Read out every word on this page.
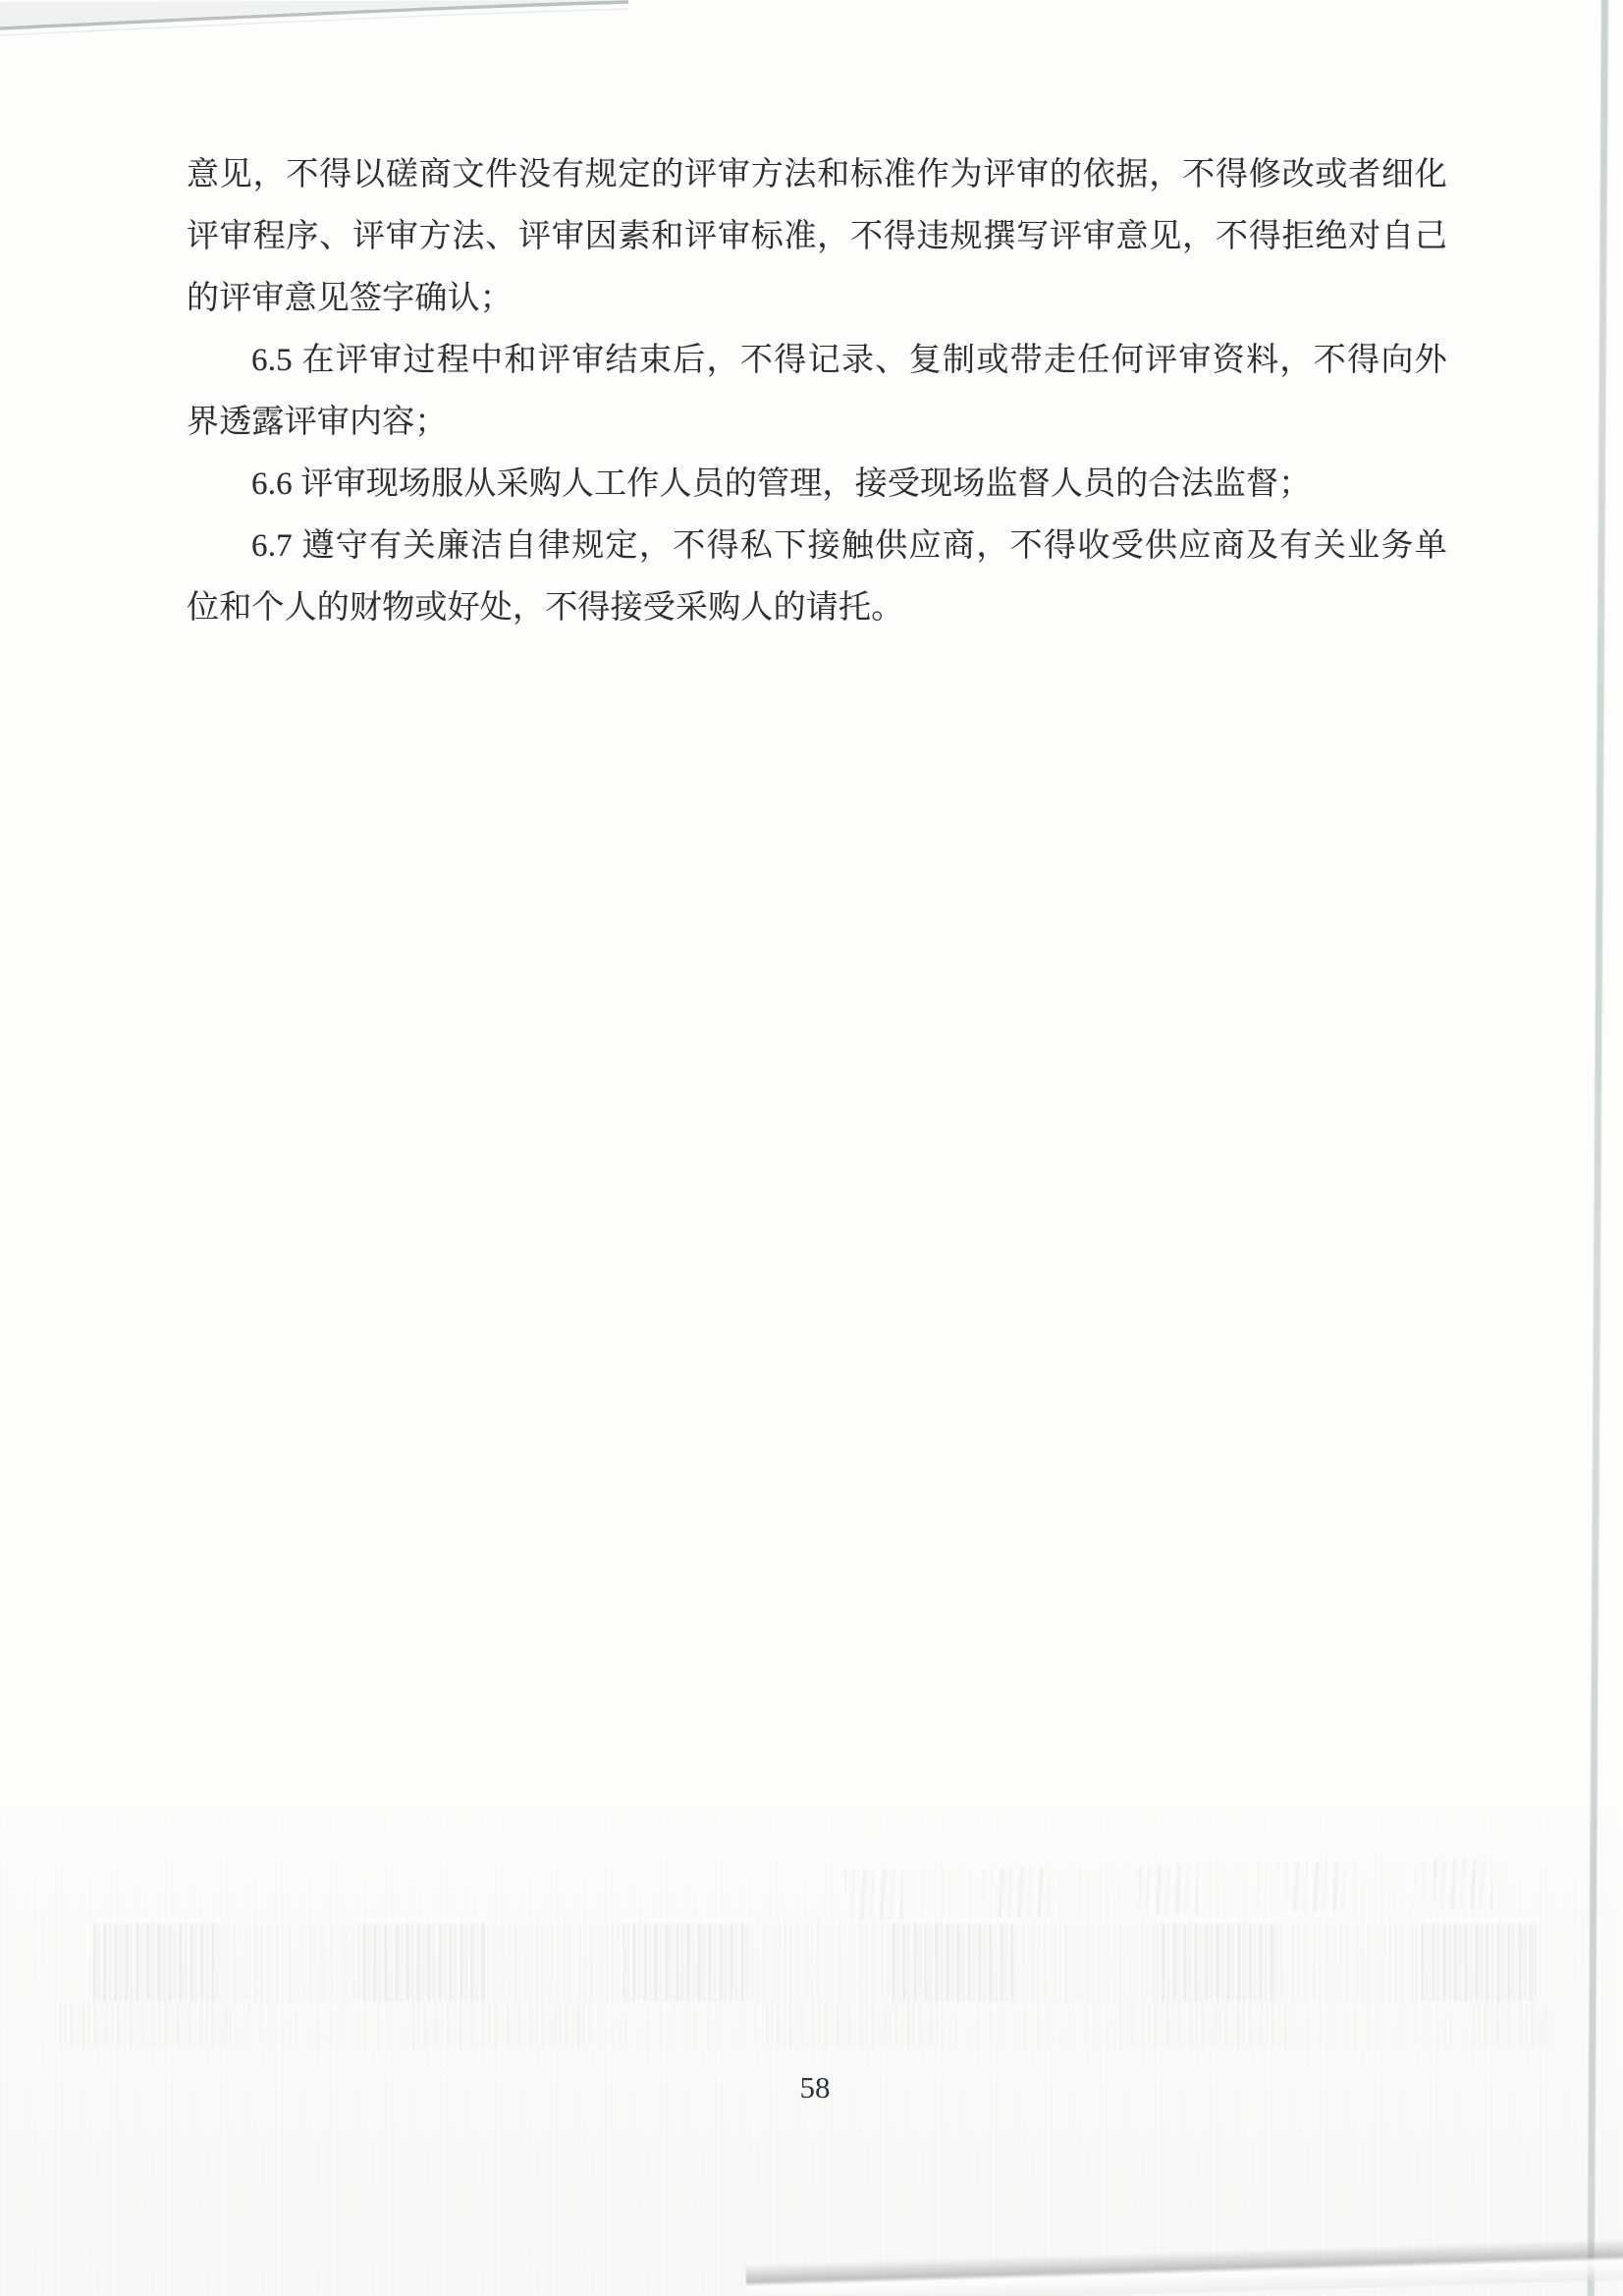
意见，不得以磋商文件没有规定的评审方法和标准作为评审的依据，不得修改或者细化
评审程序、评审方法、评审因素和评审标准，不得违规撰写评审意见，不得拒绝对自己
的评审意见签字确认；
6.5 在评审过程中和评审结束后，不得记录、复制或带走任何评审资料，不得向外
界透露评审内容；
6.6 评审现场服从采购人工作人员的管理，接受现场监督人员的合法监督；
6.7 遵守有关廉洁自律规定，不得私下接触供应商，不得收受供应商及有关业务单
位和个人的财物或好处，不得接受采购人的请托。
58
